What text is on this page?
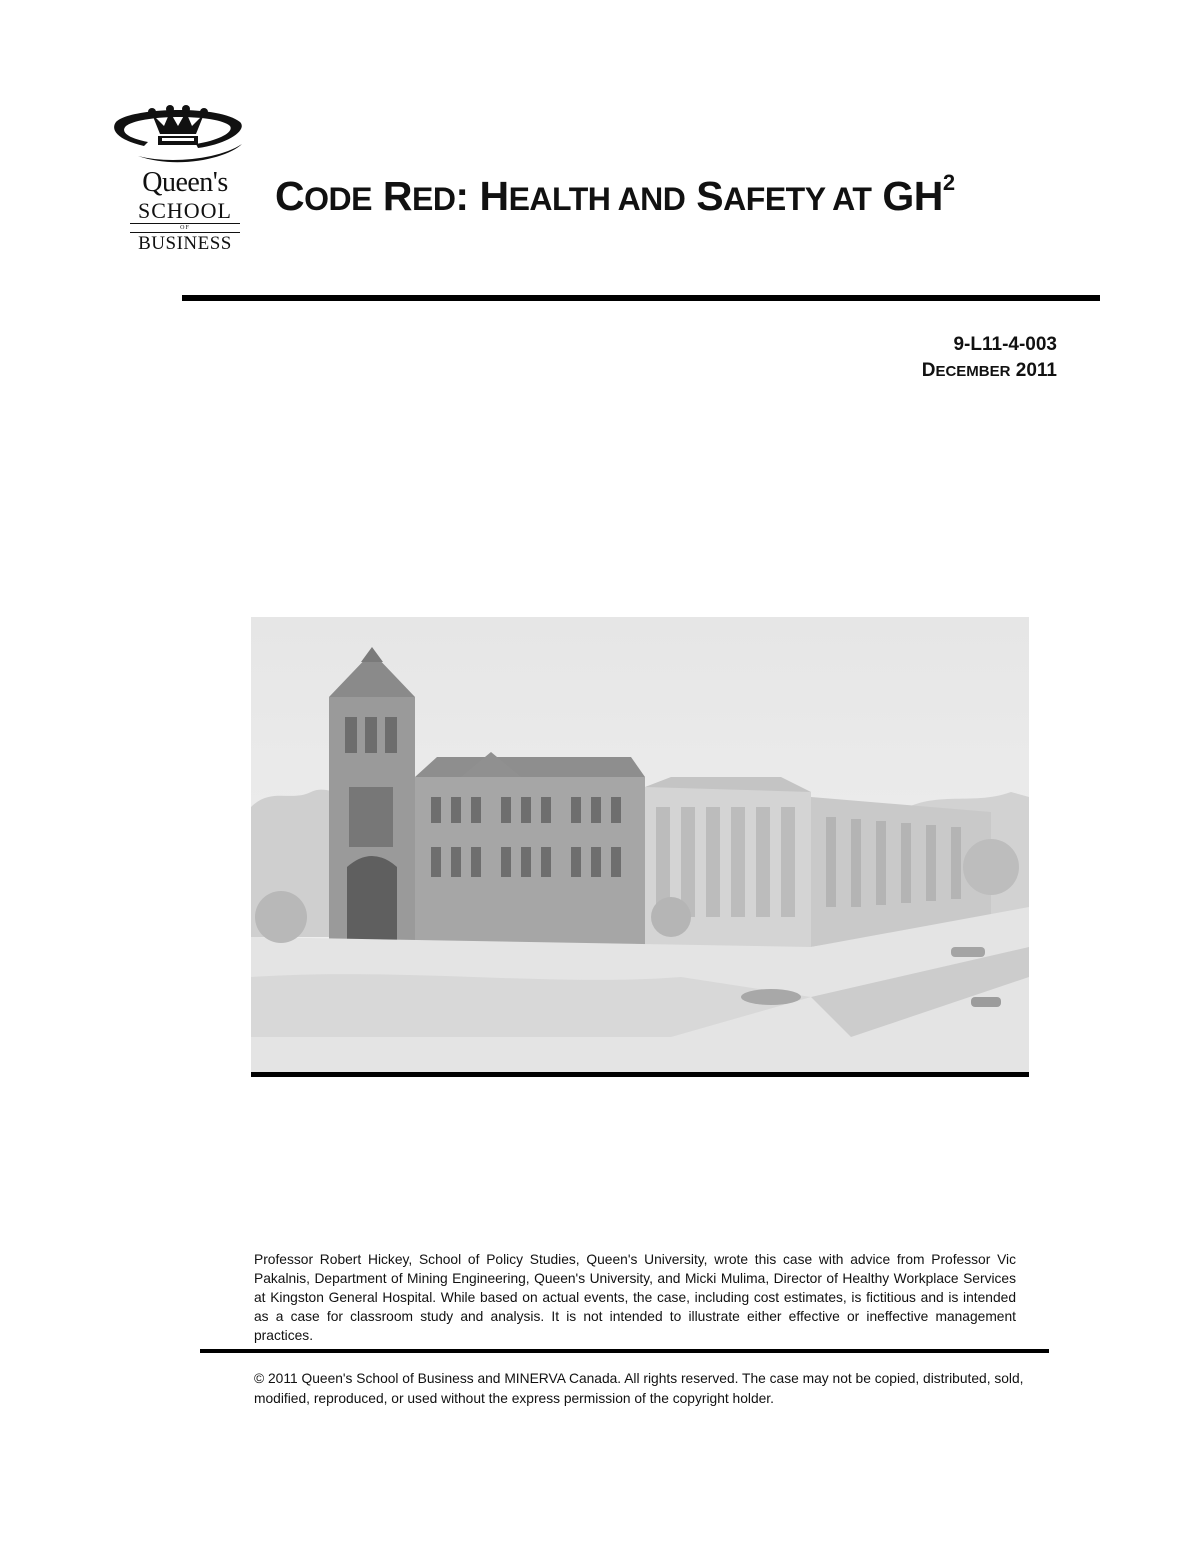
Queen's
SCHOOL
OF
BUSINESS
CODE RED: HEALTH AND SAFETY AT $GH^2$
9-L11-4-003
DECEMBER 2011
Professor Robert Hickey, School of Policy Studies, Queen's University, wrote this case with advice from Professor Vic Pakalnis, Department of Mining Engineering, Queen's University, and Micki Mulima, Director of Healthy Workplace Services at Kingston General Hospital. While based on actual events, the case, including cost estimates, is fictitious and is intended as a case for classroom study and analysis. It is not intended to illustrate either effective or ineffective management practices.
© 2011 Queen's School of Business and MINERVA Canada. All rights reserved. The case may not be copied, distributed, sold, modified, reproduced, or used without the express permission of the copyright holder.
